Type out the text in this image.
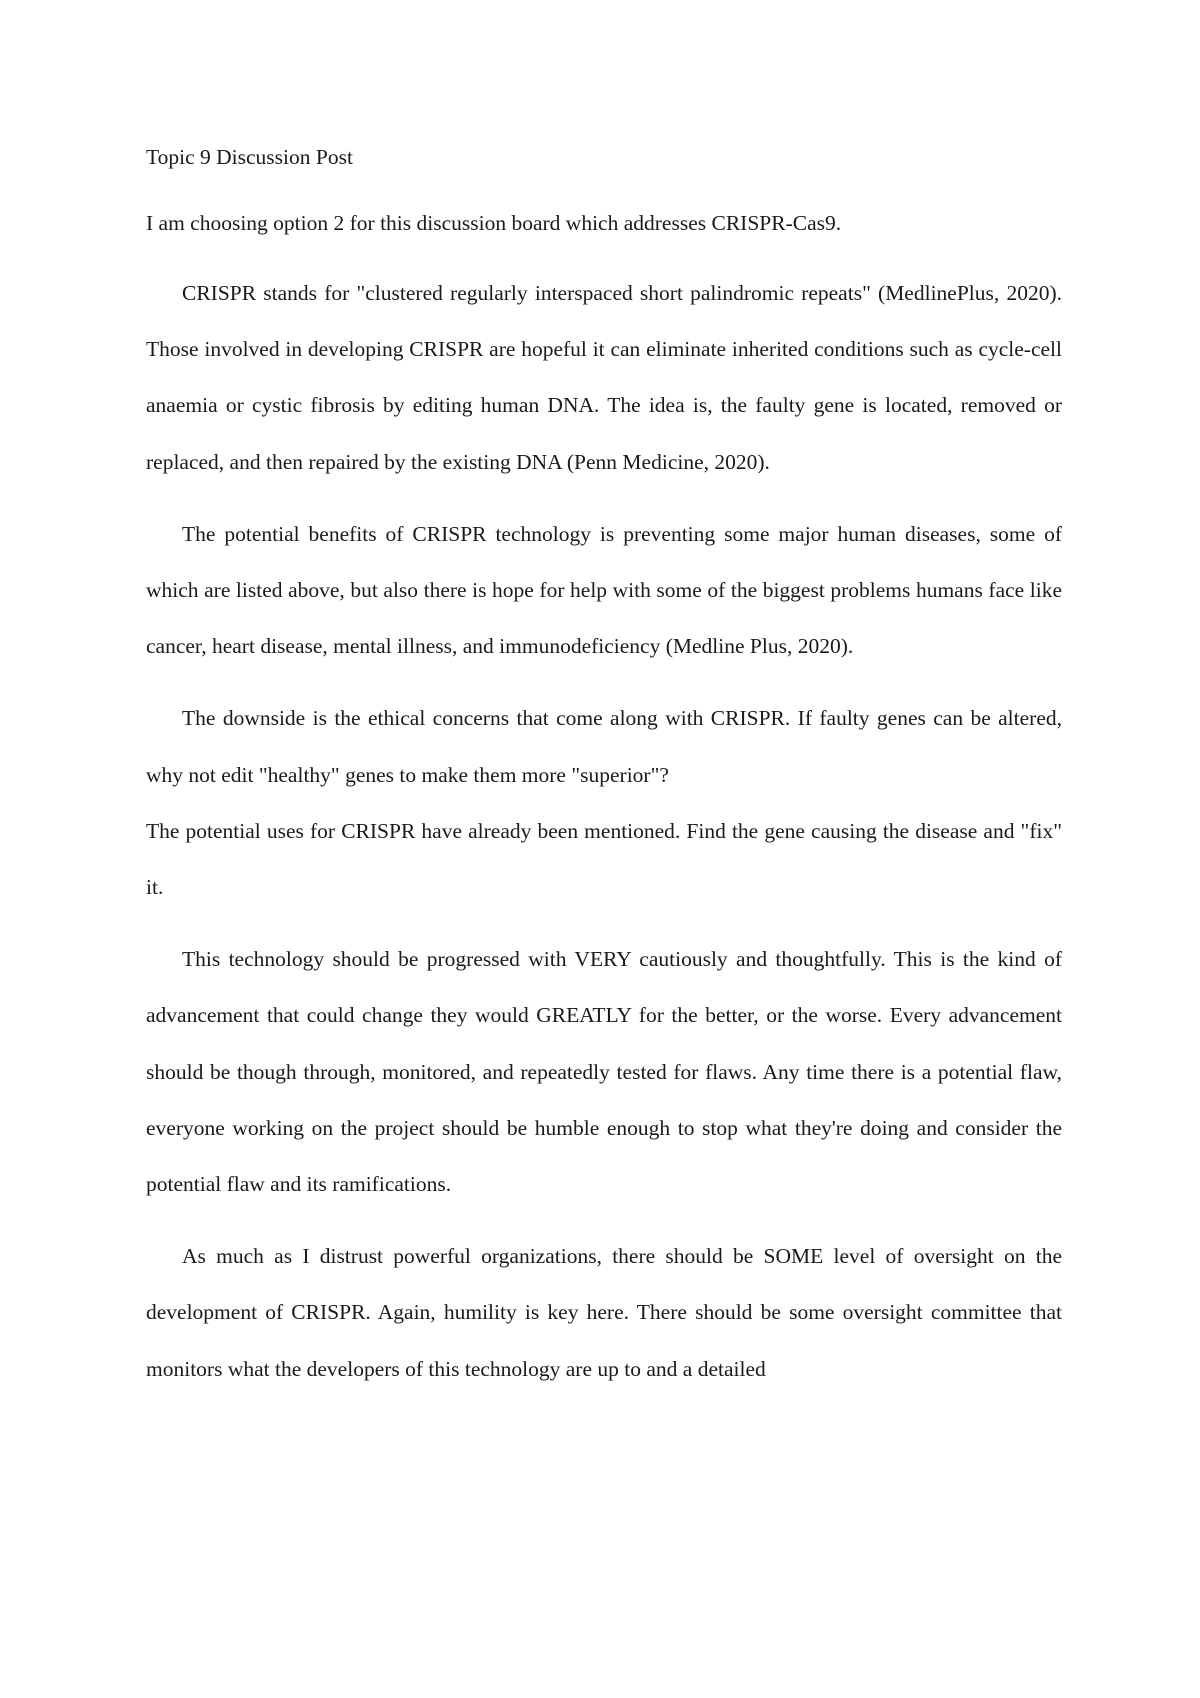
Topic 9 Discussion Post

I am choosing option 2 for this discussion board which addresses CRISPR-Cas9.

CRISPR stands for "clustered regularly interspaced short palindromic repeats" (MedlinePlus, 2020). Those involved in developing CRISPR are hopeful it can eliminate inherited conditions such as cycle-cell anaemia or cystic fibrosis by editing human DNA. The idea is, the faulty gene is located, removed or replaced, and then repaired by the existing DNA (Penn Medicine, 2020).

The potential benefits of CRISPR technology is preventing some major human diseases, some of which are listed above, but also there is hope for help with some of the biggest problems humans face like cancer, heart disease, mental illness, and immunodeficiency (Medline Plus, 2020).

The downside is the ethical concerns that come along with CRISPR. If faulty genes can be altered, why not edit "healthy" genes to make them more "superior"?

The potential uses for CRISPR have already been mentioned. Find the gene causing the disease and "fix" it.

This technology should be progressed with VERY cautiously and thoughtfully. This is the kind of advancement that could change they would GREATLY for the better, or the worse. Every advancement should be though through, monitored, and repeatedly tested for flaws. Any time there is a potential flaw, everyone working on the project should be humble enough to stop what they're doing and consider the potential flaw and its ramifications.

As much as I distrust powerful organizations, there should be SOME level of oversight on the development of CRISPR. Again, humility is key here. There should be some oversight committee that monitors what the developers of this technology are up to and a detailed
